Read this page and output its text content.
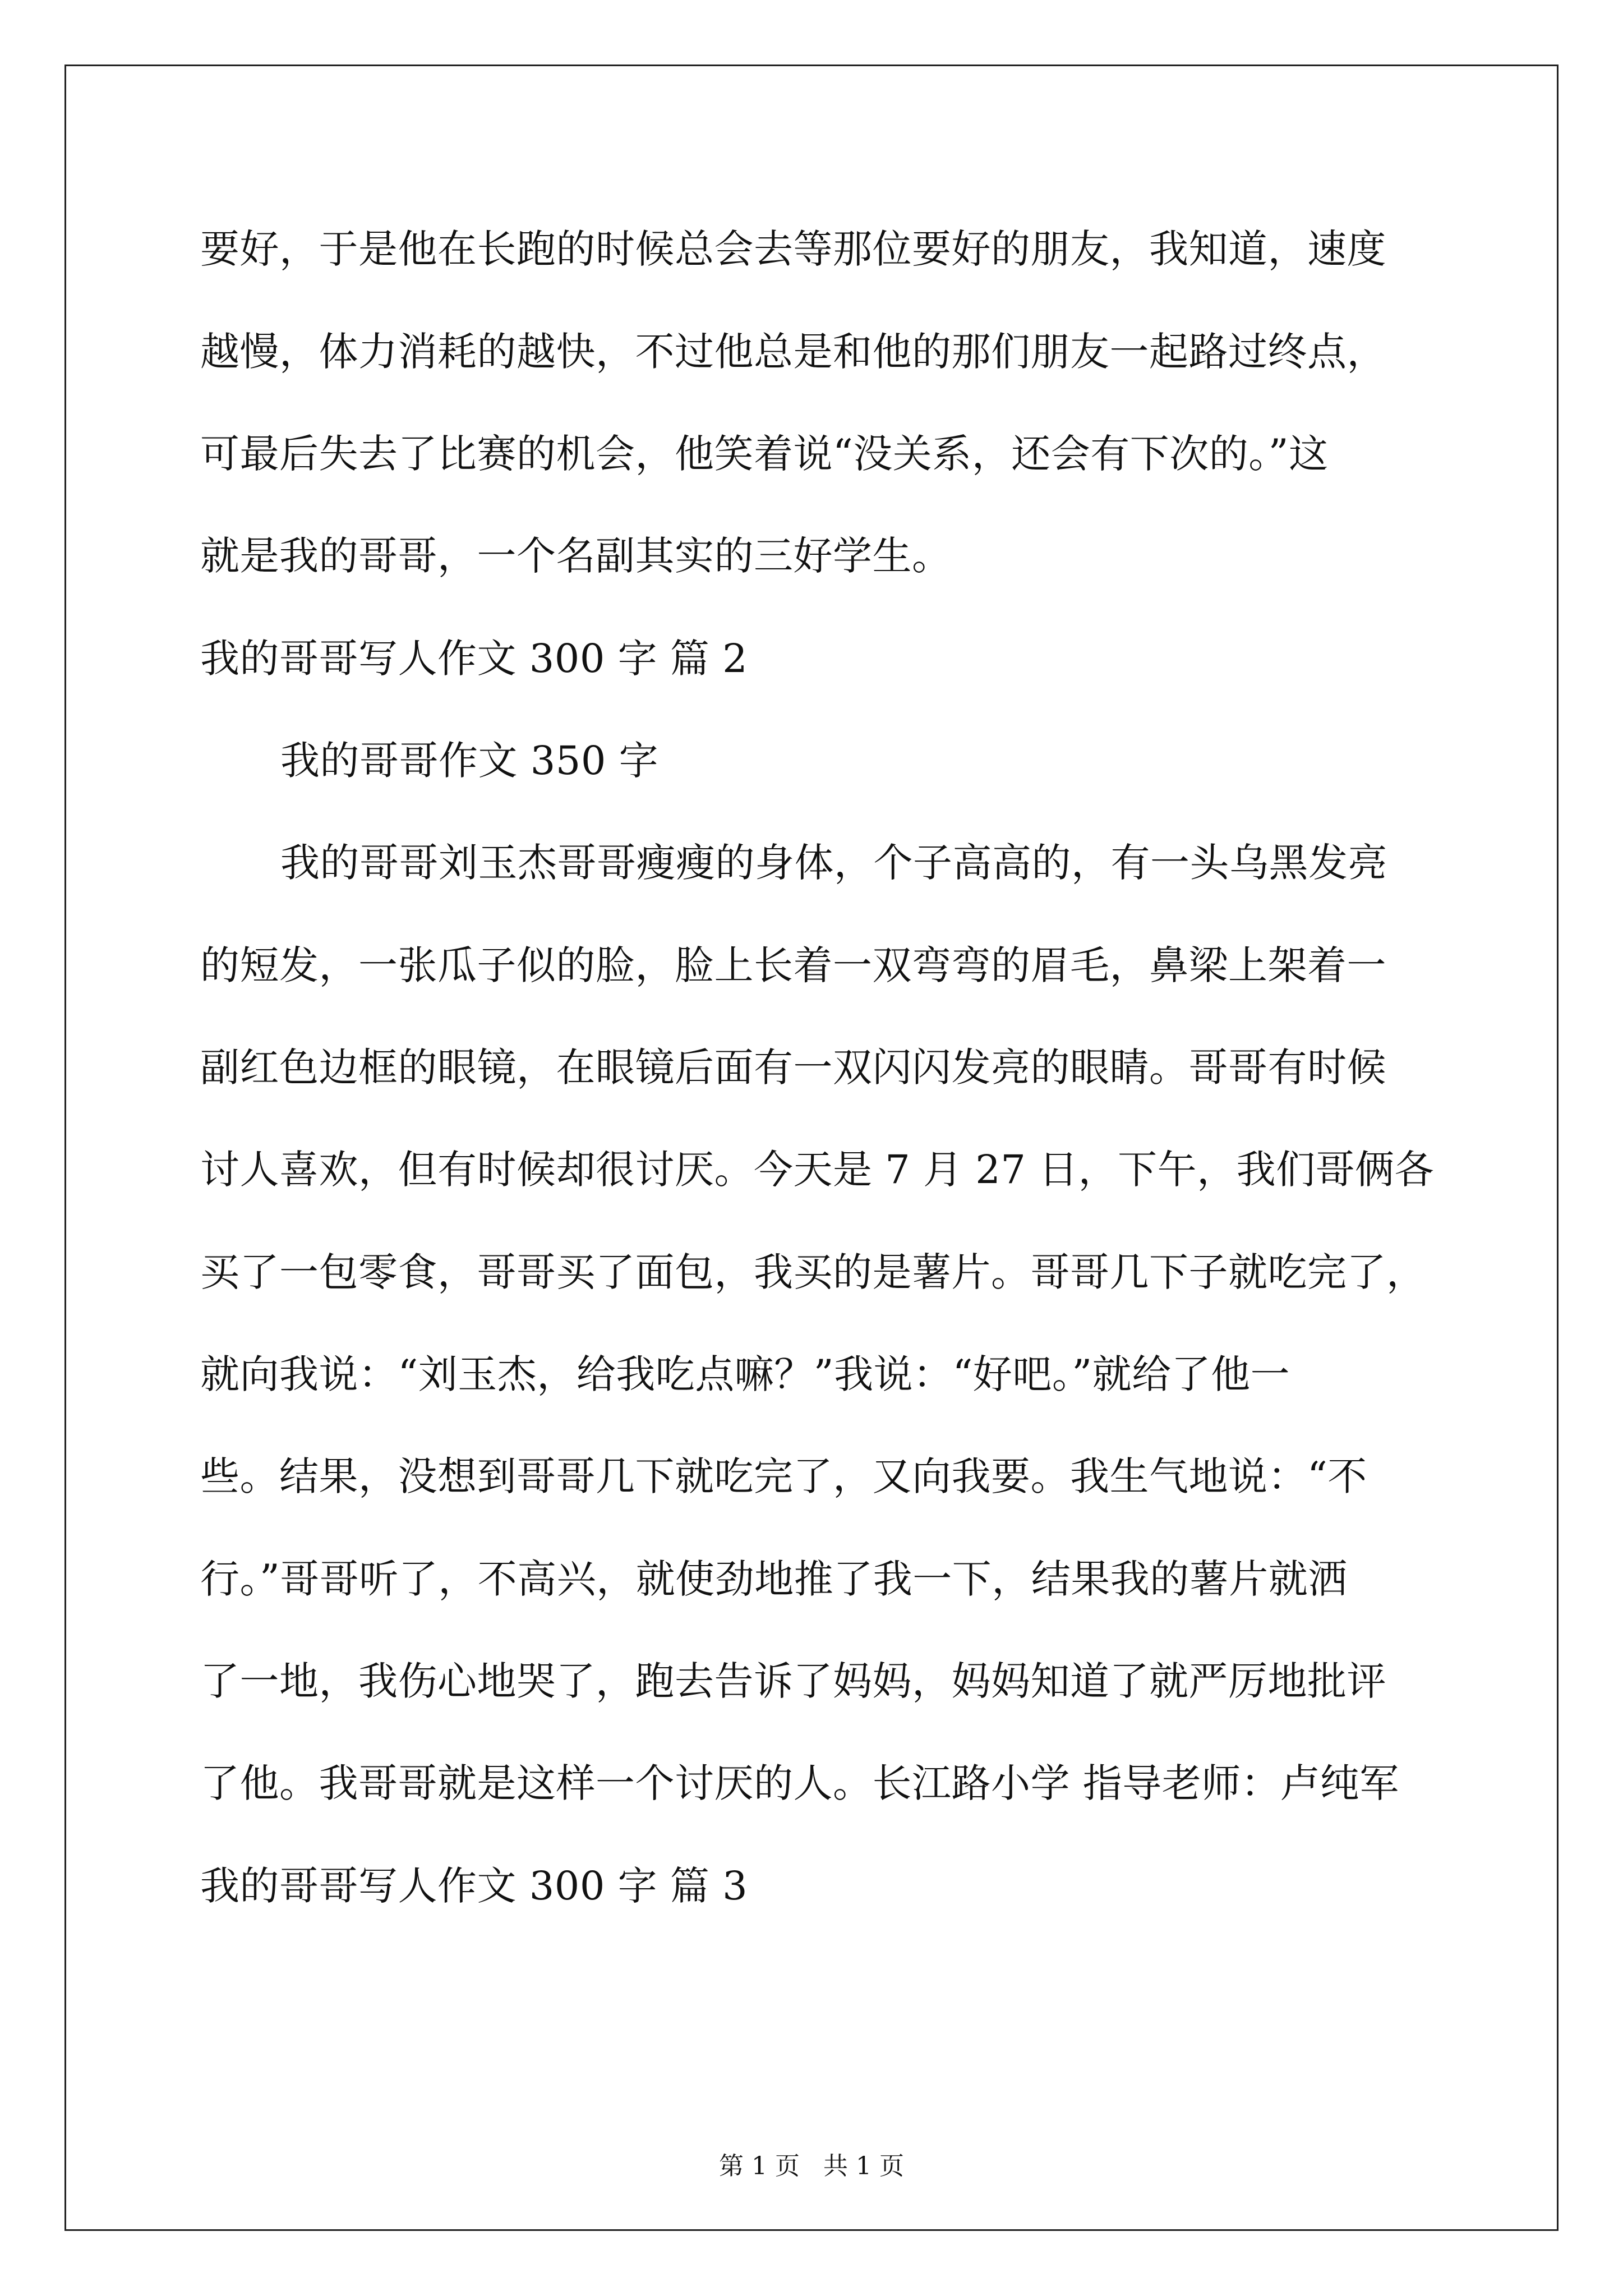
要好，于是他在长跑的时候总会去等那位要好的朋友，我知道，速度
越慢，体力消耗的越快，不过他总是和他的那们朋友一起路过终点，
可最后失去了比赛的机会，他笑着说“没关系，还会有下次的。”这
就是我的哥哥，一个名副其实的三好学生。
我的哥哥写人作文 300 字 篇 2
我的哥哥作文 350 字
我的哥哥刘玉杰哥哥瘦瘦的身体，个子高高的，有一头乌黑发亮
的短发，一张瓜子似的脸，脸上长着一双弯弯的眉毛，鼻梁上架着一
副红色边框的眼镜，在眼镜后面有一双闪闪发亮的眼睛。哥哥有时候
讨人喜欢，但有时候却很讨厌。今天是 7 月 27 日，下午，我们哥俩各
买了一包零食，哥哥买了面包，我买的是薯片。哥哥几下子就吃完了，
就向我说：“刘玉杰，给我吃点嘛？”我说：“好吧。”就给了他一
些。结果，没想到哥哥几下就吃完了，又向我要。我生气地说：“不
行。”哥哥听了，不高兴，就使劲地推了我一下，结果我的薯片就洒
了一地，我伤心地哭了，跑去告诉了妈妈，妈妈知道了就严厉地批评
了他。我哥哥就是这样一个讨厌的人。长江路小学 指导老师：卢纯军
我的哥哥写人作文 300 字 篇 3
第 1 页   共 1 页
